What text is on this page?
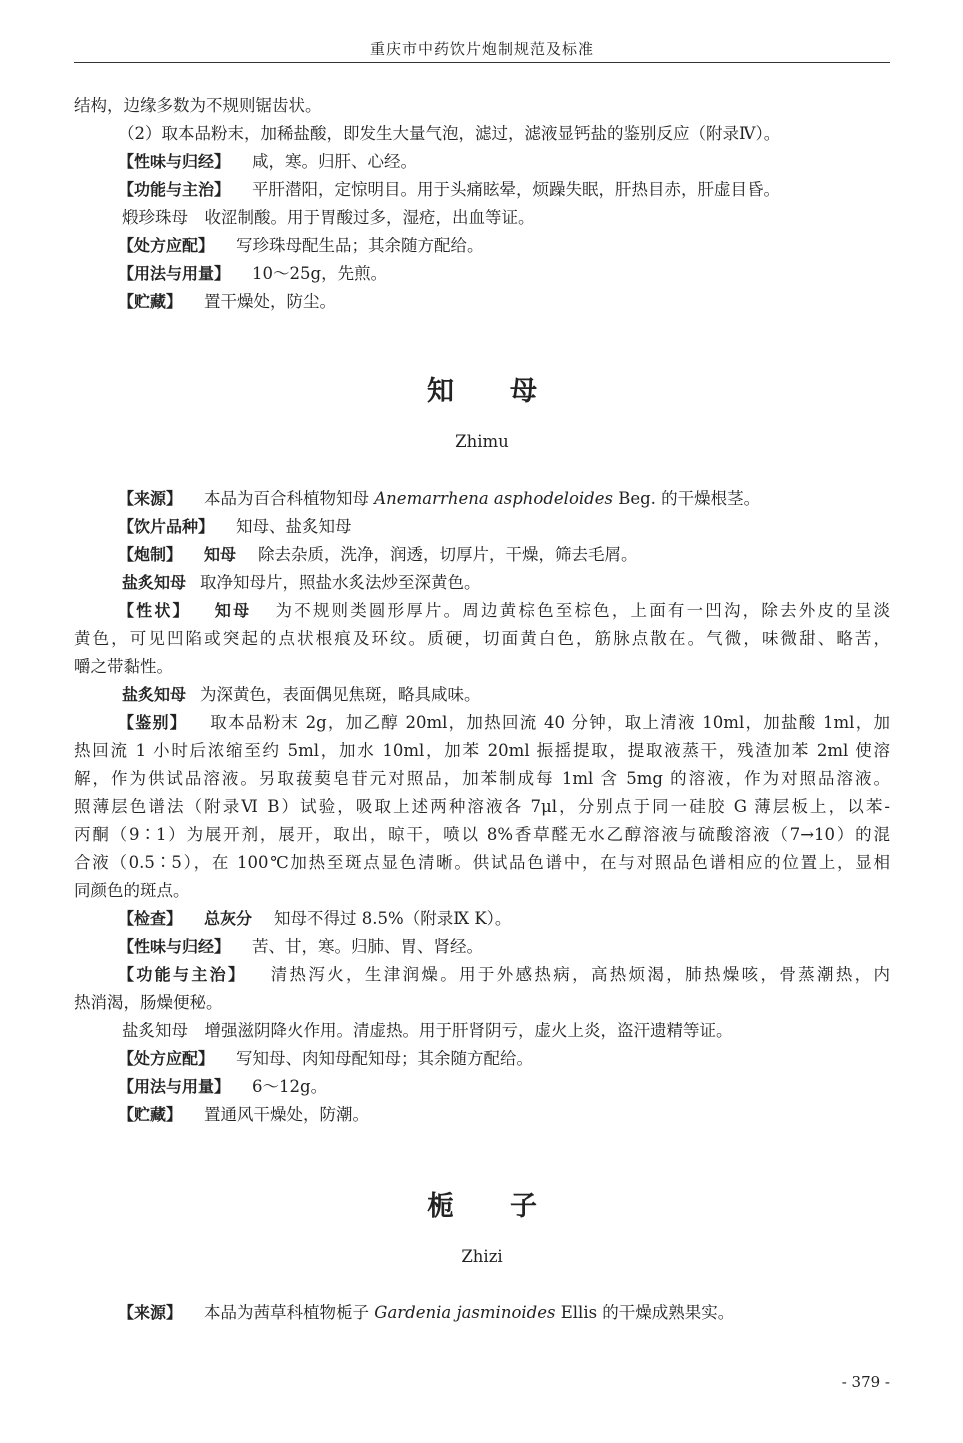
重庆市中药饮片炮制规范及标准
结构，边缘多数为不规则锯齿状。
（2）取本品粉末，加稀盐酸，即发生大量气泡，滤过，滤液显钙盐的鉴别反应（附录Ⅳ）。
【性味与归经】 咸，寒。归肝、心经。
【功能与主治】 平肝潜阳，定惊明目。用于头痛眩晕，烦躁失眠，肝热目赤，肝虚目昏。
煅珍珠母　收涩制酸。用于胃酸过多，湿疮，出血等证。
【处方应配】 写珍珠母配生品；其余随方配给。
【用法与用量】 10～25g，先煎。
【贮藏】 置干燥处，防尘。
知母
Zhimu
【来源】 本品为百合科植物知母 Anemarrhena asphodeloides Beg. 的干燥根茎。
【饮片品种】 知母、盐炙知母
【炮制】 知母 除去杂质，洗净，润透，切厚片，干燥，筛去毛屑。
盐炙知母 取净知母片，照盐水炙法炒至深黄色。
【性状】 知母 为不规则类圆形厚片。周边黄棕色至棕色，上面有一凹沟，除去外皮的呈淡
黄色，可见凹陷或突起的点状根痕及环纹。质硬，切面黄白色，筋脉点散在。气微，味微甜、略苦，
嚼之带黏性。
盐炙知母 为深黄色，表面偶见焦斑，略具咸味。
【鉴别】 取本品粉末 2g，加乙醇 20ml，加热回流 40 分钟，取上清液 10ml，加盐酸 1ml，加
热回流 1 小时后浓缩至约 5ml，加水 10ml，加苯 20ml 振摇提取，提取液蒸干，残渣加苯 2ml 使溶
解，作为供试品溶液。另取菝葜皂苷元对照品，加苯制成每 1ml 含 5mg 的溶液，作为对照品溶液。
照薄层色谱法（附录Ⅵ B）试验，吸取上述两种溶液各 7μl，分别点于同一硅胶 G 薄层板上，以苯-
丙酮（9∶1）为展开剂，展开，取出，晾干，喷以 8%香草醛无水乙醇溶液与硫酸溶液（7→10）的混
合液（0.5∶5），在 100℃加热至斑点显色清晰。供试品色谱中，在与对照品色谱相应的位置上，显相
同颜色的斑点。
【检查】 总灰分 知母不得过 8.5%（附录Ⅸ K）。
【性味与归经】 苦、甘，寒。归肺、胃、肾经。
【功能与主治】 清热泻火，生津润燥。用于外感热病，高热烦渴，肺热燥咳，骨蒸潮热，内
热消渴，肠燥便秘。
盐炙知母　增强滋阴降火作用。清虚热。用于肝肾阴亏，虚火上炎，盗汗遗精等证。
【处方应配】 写知母、肉知母配知母；其余随方配给。
【用法与用量】 6～12g。
【贮藏】 置通风干燥处，防潮。
栀子
Zhizi
【来源】 本品为茜草科植物栀子 Gardenia jasminoides Ellis 的干燥成熟果实。
- 379 -
